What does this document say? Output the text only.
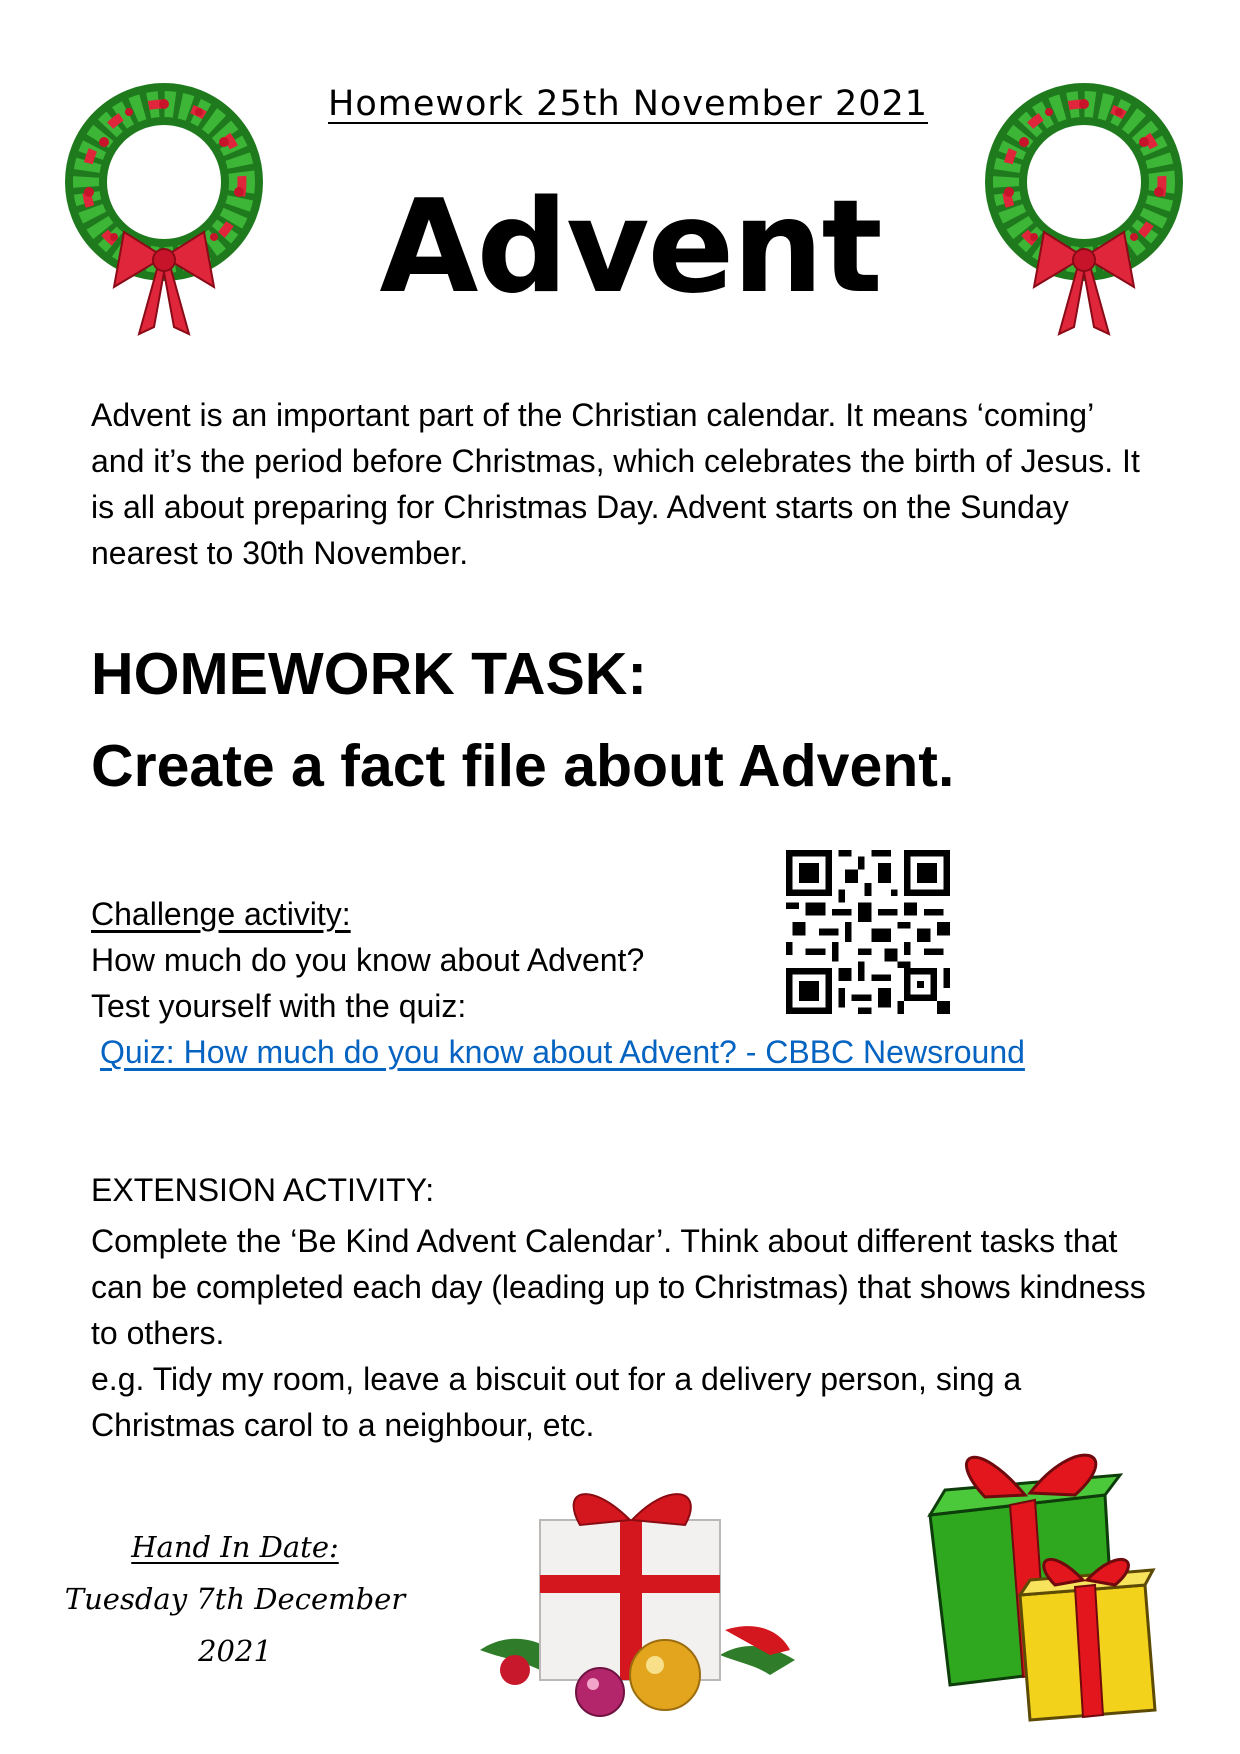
Homework 25th November 2021
Advent
Advent is an important part of the Christian calendar. It means ‘coming’ and it’s the period before Christmas, which celebrates the birth of Jesus. It is all about preparing for Christmas Day. Advent starts on the Sunday nearest to 30th November.
HOMEWORK TASK:
Create a fact file about Advent.
Challenge activity:
How much do you know about Advent?
Test yourself with the quiz:
Quiz: How much do you know about Advent? - CBBC Newsround
EXTENSION ACTIVITY:
Complete the ‘Be Kind Advent Calendar’. Think about different tasks that can be completed each day (leading up to Christmas) that shows kindness to others.
e.g. Tidy my room, leave a biscuit out for a delivery person, sing a Christmas carol to a neighbour, etc.
Hand In Date:
Tuesday 7th December
2021
